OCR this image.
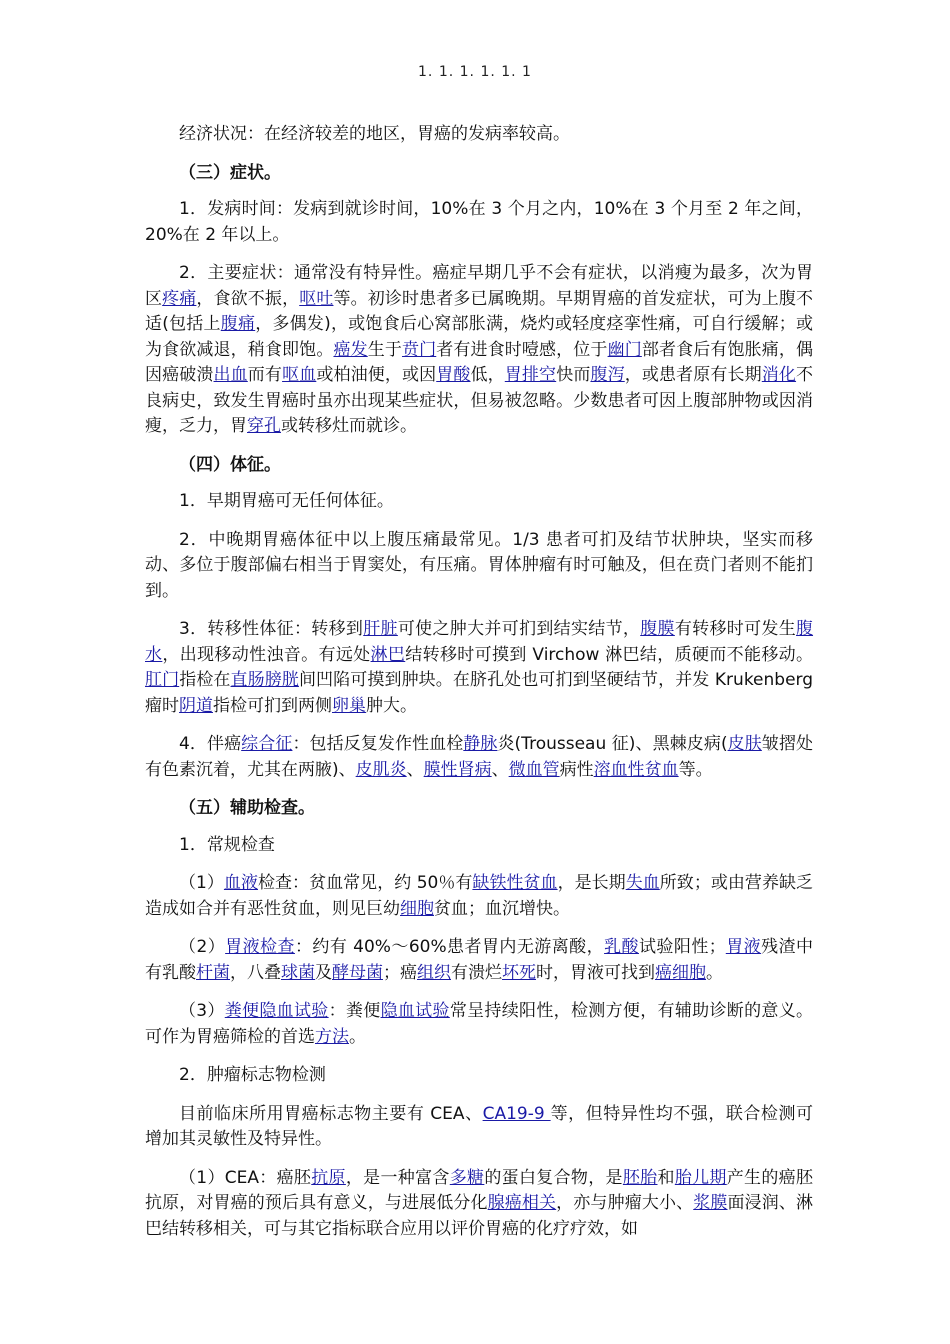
1. 1. 1. 1. 1. 1

经济状况：在经济较差的地区，胃癌的发病率较高。

（三）症状。

1．发病时间：发病到就诊时间，10%在 3 个月之内，10%在 3 个月至 2 年之间，20%在 2 年以上。

2．主要症状：通常没有特异性。癌症早期几乎不会有症状，以消瘦为最多，次为胃区疼痛，食欲不振，呕吐等。初诊时患者多已属晚期。早期胃癌的首发症状，可为上腹不适(包括上腹痛，多偶发)，或饱食后心窝部胀满，烧灼或轻度痉挛性痛，可自行缓解；或为食欲减退，稍食即饱。癌发生于贲门者有进食时噎感，位于幽门部者食后有饱胀痛，偶因癌破溃出血而有呕血或柏油便，或因胃酸低，胃排空快而腹泻，或患者原有长期消化不良病史，致发生胃癌时虽亦出现某些症状，但易被忽略。少数患者可因上腹部肿物或因消瘦，乏力，胃穿孔或转移灶而就诊。

（四）体征。

1．早期胃癌可无任何体征。

2．中晚期胃癌体征中以上腹压痛最常见。1/3 患者可扪及结节状肿块，坚实而移动、多位于腹部偏右相当于胃窦处，有压痛。胃体肿瘤有时可触及，但在贲门者则不能扪到。

3．转移性体征：转移到肝脏可使之肿大并可扪到结实结节，腹膜有转移时可发生腹水，出现移动性浊音。有远处淋巴结转移时可摸到 Virchow 淋巴结，质硬而不能移动。肛门指检在直肠膀胱间凹陷可摸到肿块。在脐孔处也可扪到坚硬结节，并发 Krukenberg 瘤时阴道指检可扪到两侧卵巢肿大。

4．伴癌综合征：包括反复发作性血栓静脉炎(Trousseau 征)、黑棘皮病(皮肤皱摺处有色素沉着，尤其在两腋)、皮肌炎、膜性肾病、微血管病性溶血性贫血等。

（五）辅助检查。

1．常规检查

（1）血液检查：贫血常见，约 50％有缺铁性贫血，是长期失血所致；或由营养缺乏造成如合并有恶性贫血，则见巨幼细胞贫血；血沉增快。

（2）胃液检查：约有 40%～60%患者胃内无游离酸，乳酸试验阳性；胃液残渣中有乳酸杆菌，八叠球菌及酵母菌；癌组织有溃烂坏死时，胃液可找到癌细胞。

（3）粪便隐血试验：粪便隐血试验常呈持续阳性，检测方便，有辅助诊断的意义。可作为胃癌筛检的首选方法。

2．肿瘤标志物检测

目前临床所用胃癌标志物主要有 CEA、CA19-9 等，但特异性均不强，联合检测可增加其灵敏性及特异性。

（1）CEA：癌胚抗原，是一种富含多糖的蛋白复合物，是胚胎和胎儿期产生的癌胚抗原，对胃癌的预后具有意义，与进展低分化腺癌相关，亦与肿瘤大小、浆膜面浸润、淋巴结转移相关，可与其它指标联合应用以评价胃癌的化疗疗效，如
